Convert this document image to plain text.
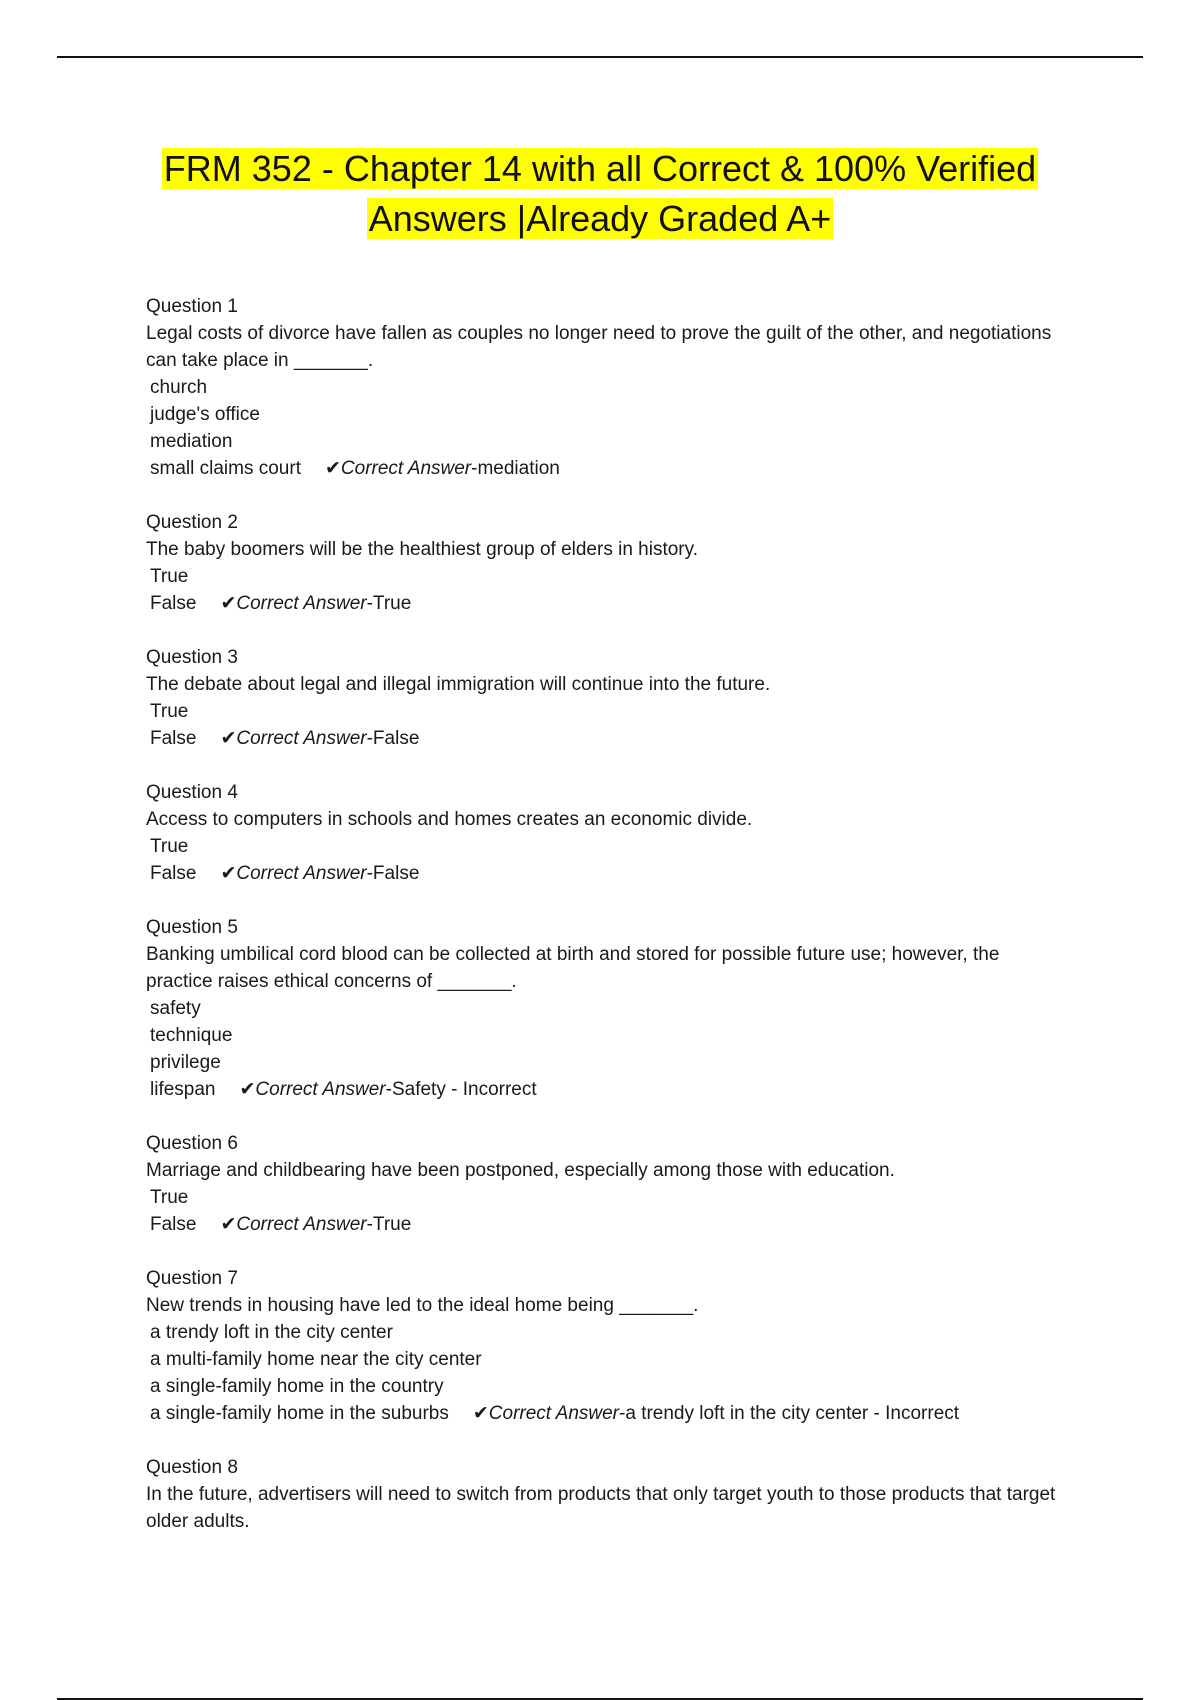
FRM 352 - Chapter 14 with all Correct & 100% Verified
Answers |Already Graded A+

Question 1

Legal costs of divorce have fallen as couples no longer need to prove the guilt of the other, and negotiations can take place in _______.

church

judge's office

mediation

small claims court ✔Correct Answer-mediation

Question 2

The baby boomers will be the healthiest group of elders in history.

True

False ✔Correct Answer-True

Question 3

The debate about legal and illegal immigration will continue into the future.

True

False ✔Correct Answer-False

Question 4

Access to computers in schools and homes creates an economic divide.

True

False ✔Correct Answer-False

Question 5

Banking umbilical cord blood can be collected at birth and stored for possible future use; however, the practice raises ethical concerns of _______.

safety

technique

privilege

lifespan ✔Correct Answer-Safety - Incorrect

Question 6

Marriage and childbearing have been postponed, especially among those with education.

True

False ✔Correct Answer-True

Question 7

New trends in housing have led to the ideal home being _______.

a trendy loft in the city center

a multi-family home near the city center

a single-family home in the country

a single-family home in the suburbs ✔Correct Answer-a trendy loft in the city center - Incorrect

Question 8

In the future, advertisers will need to switch from products that only target youth to those products that target older adults.
